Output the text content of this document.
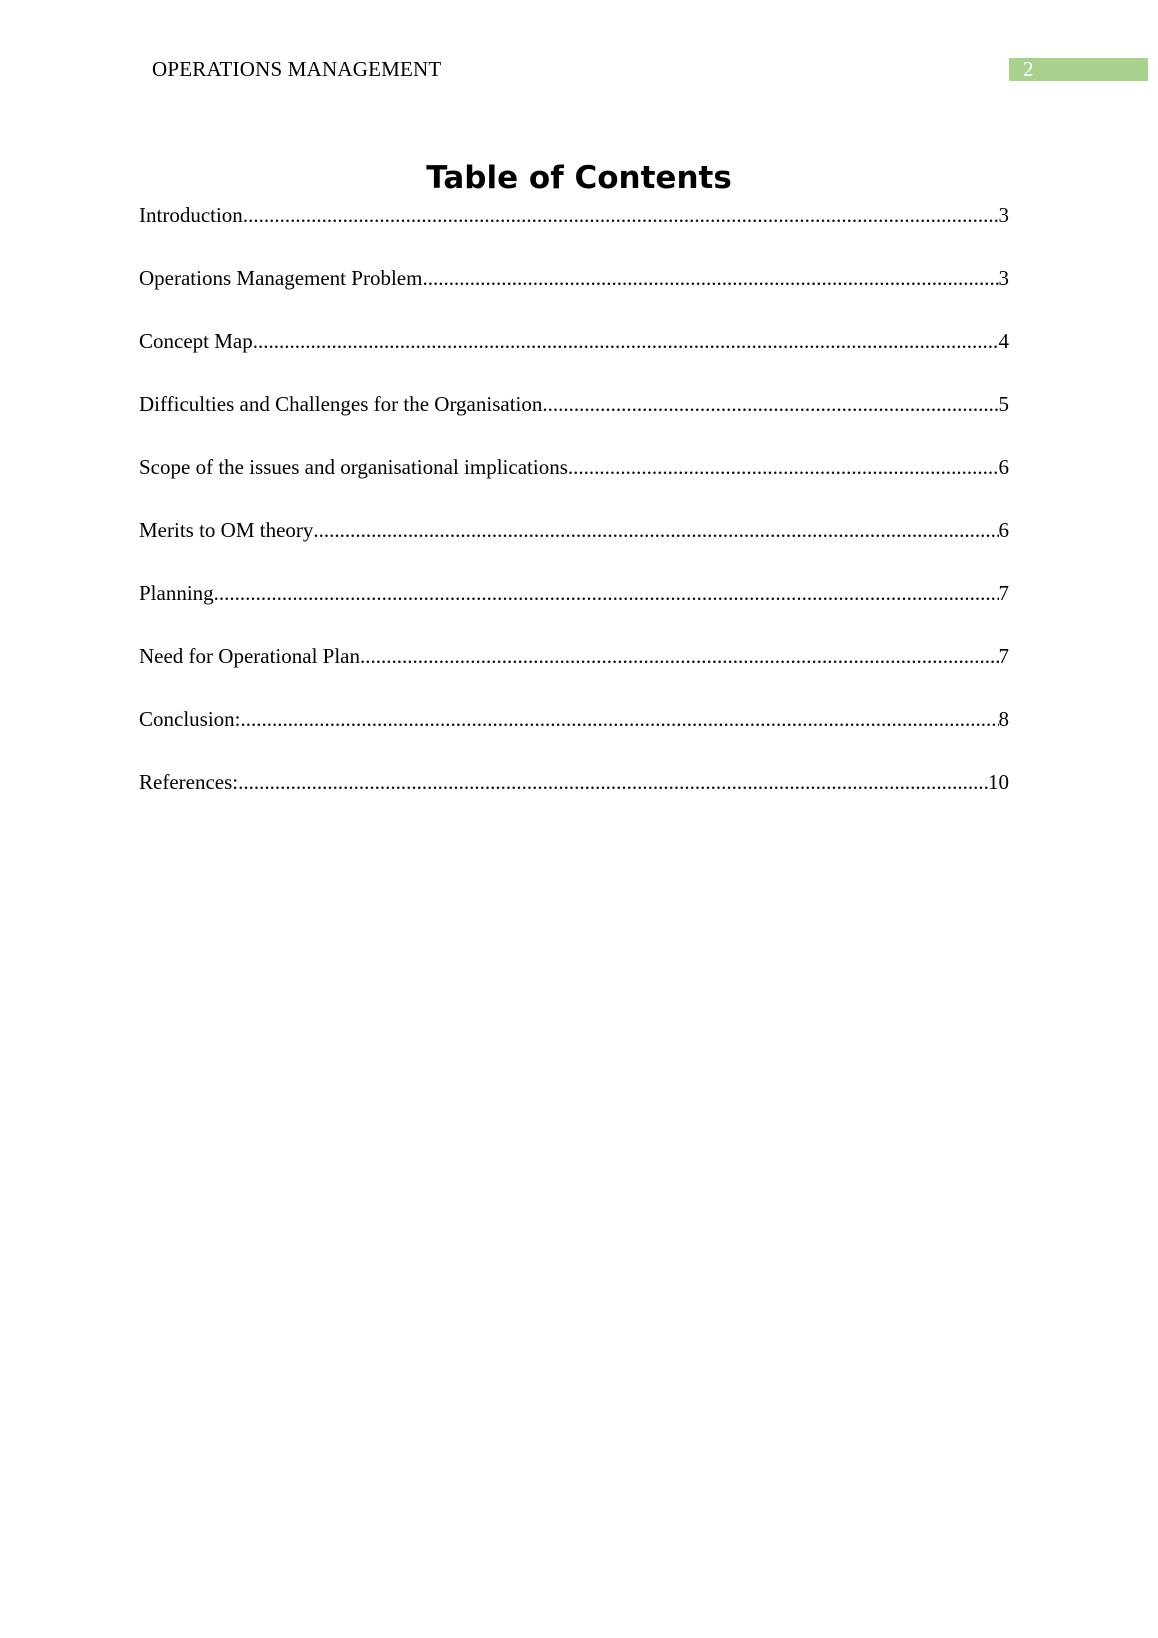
OPERATIONS MANAGEMENT	2
Table of Contents
Introduction .....	3
Operations Management Problem .....	3
Concept Map .....	4
Difficulties and Challenges for the Organisation .....	5
Scope of the issues and organisational implications .....	6
Merits to OM theory .....	6
Planning .....	7
Need for Operational Plan .....	7
Conclusion: .....	8
References: .....	10
